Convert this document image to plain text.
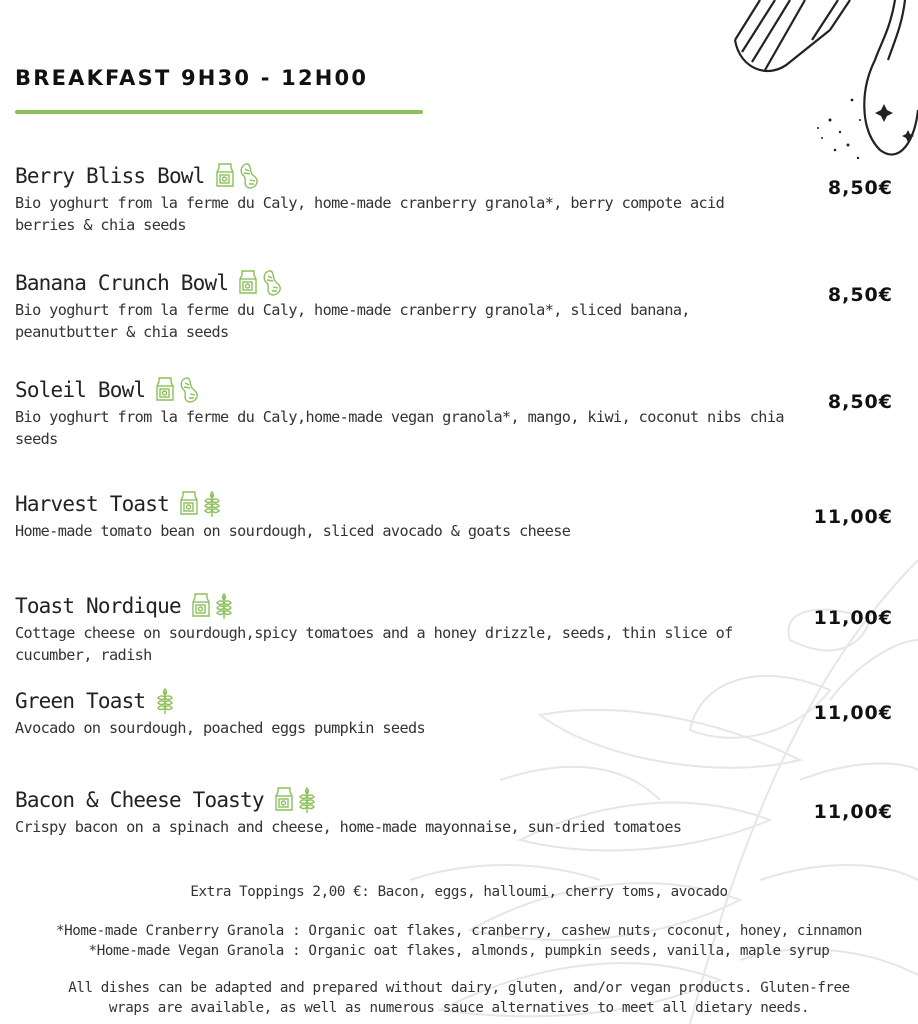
BREAKFAST 9H30 - 12H00
Berry Bliss Bowl
Bio yoghurt from la ferme du Caly, home-made cranberry granola*, berry compote acid berries & chia seeds
8,50€
Banana Crunch Bowl
Bio yoghurt from la ferme du Caly, home-made cranberry granola*, sliced banana, peanutbutter & chia seeds
8,50€
Soleil Bowl
Bio yoghurt from la ferme du Caly,home-made vegan granola*, mango, kiwi, coconut nibs chia seeds
8,50€
Harvest Toast
Home-made tomato bean on sourdough, sliced avocado & goats cheese
11,00€
Toast Nordique
Cottage cheese on sourdough,spicy tomatoes and a honey drizzle, seeds, thin slice of cucumber, radish
11,00€
Green Toast
Avocado on sourdough, poached eggs pumpkin seeds
11,00€
Bacon & Cheese Toasty
Crispy bacon on a spinach and cheese, home-made mayonnaise, sun-dried tomatoes
11,00€
Extra Toppings 2,00 €: Bacon, eggs, halloumi, cherry toms, avocado
*Home-made Cranberry Granola : Organic oat flakes, cranberry, cashew nuts, coconut, honey, cinnamon
*Home-made Vegan Granola : Organic oat flakes, almonds, pumpkin seeds, vanilla, maple syrup
All dishes can be adapted and prepared without dairy, gluten, and/or vegan products. Gluten-free
wraps are available, as well as numerous sauce alternatives to meet all dietary needs.
